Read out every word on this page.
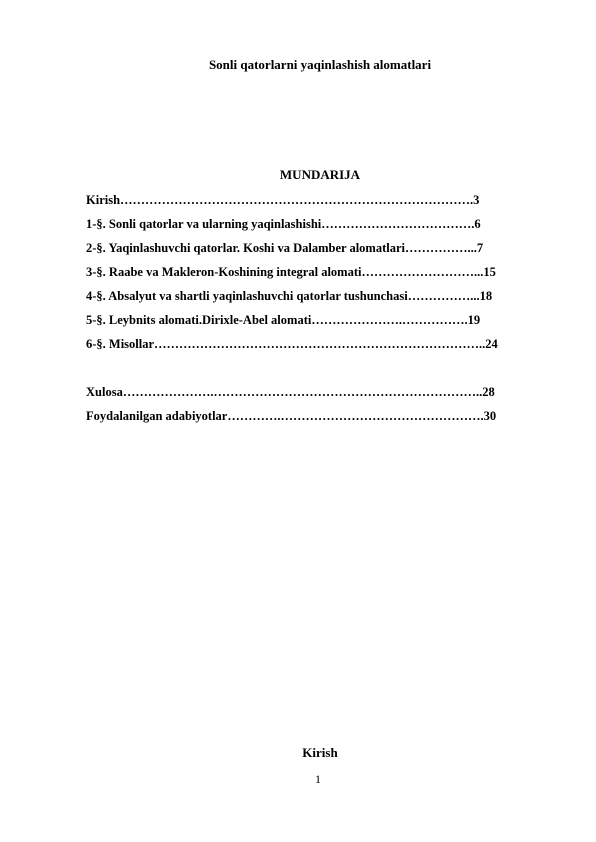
Sonli qatorlarni yaqinlashish alomatlari
MUNDARIJA
Kirish………………………………………………………………………….3
1-§. Sonli qatorlar va ularning yaqinlashishi……………………………….6
2-§. Yaqinlashuvchi qatorlar. Koshi va Dalamber alomatlari……………...7
3-§. Raabe va Makleron-Koshining integral alomati………………………...15
4-§. Absalyut va shartli yaqinlashuvchi qatorlar tushunchasi……………...18
5-§. Leybnits alomati.Dirixle-Abel alomati………………….…………….19
6-§. Misollar……………………………………………………………………..24
Xulosa………………….………………………………………………………..28
Foydalanilgan adabiyotlar………….………………………………………….30
Kirish
1
